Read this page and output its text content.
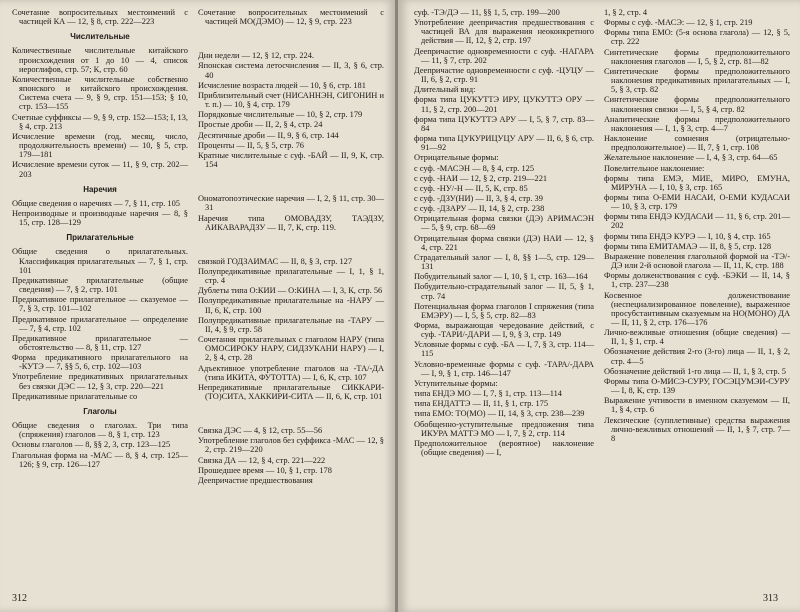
Сочетание вопросительных местоимений с частицей КА — 12, § 8, стр. 222—223
Числительные
Количественные числительные китайского происхождения от 1 до 10 — 4, список иероглифов, стр. 57; К, стр. 60
Количественные числительные собственно японского и китайского происхождения. Система счета — 9, § 9, стр. 151—153; § 10, стр. 153—155
Счетные суффиксы — 9, § 9, стр. 152—153; I, 13, § 4, стр. 213
Исчисление времени (год, месяц, число, продолжительность времени) — 10, § 5, стр. 179—181
Исчисление времени суток — 11, § 9, стр. 202—203
Наречия
Общие сведения о наречиях — 7, § 11, стр. 105
Непроизводные и производные наречия — 8, § 15, стр. 128—129
Прилагательные
Общие сведения о прилагательных. Классификация прилагательных — 7, § 1, стр. 101
Предикативные прилагательные (общие сведения) — 7, § 2, стр. 101
Предикативное прилагательное — сказуемое — 7, § 3, стр. 101—102
Предикативное прилагательное — определение — 7, § 4, стр. 102
Предикативное прилагательное — обстоятельство — 8, § 11, стр. 127
Форма предикативного прилагательного на -КУТЭ — 7, §§ 5, 6, стр. 102—103
Употребление предикативных прилагательных без связки ДЭС — 12, § 3, стр. 220—221
Предикативные прилагательные со
Глаголы
Общие сведения о глаголах. Три типа (спряжения) глаголов — 8, § 1, стр. 123
Основы глаголов — 8, §§ 2, 3, стр. 123—125
Глагольная форма на -МАС — 8, § 4, стр. 125—126; § 9, стр. 126—127
Сочетание вопросительных местоимений с частицей МО(ДЭМО) — 12, § 9, стр. 223
Дни недели — 12, § 12, стр. 224.
Японская система летосчисления — II, 3, § 6, стр. 40
Исчисление возраста людей — 10, § 6, стр. 181
Приблизительный счет (НИСАННЭН, СИГОНИН и т. п.) — 10, § 4, стр. 179
Порядковые числительные — 10, § 2, стр. 179
Простые дроби — II, 2, § 4, стр. 24
Десятичные дроби — II, 9, § 6, стр. 144
Проценты — II, 5, § 5, стр. 76
Кратные числительные с суф. -БАЙ — II, 9, К, стр. 154
Ономатопоэтические наречия — I, 2, § 11, стр. 30—31
Наречия типа ОМОВАДЗУ, ТАЭДЗУ, АИКАВАРАДЗУ — II, 7, К, стр. 119.
связкой ГОДЗАИМАС — II, 8, § 3, стр. 127
Полупредикативные прилагательные — I, 1, § 1, стр. 4
Дублеты типа О:КИИ — О:КИНА — I, 3, К, стр. 56
Полупредикативные прилагательные на -НАРУ — II, 6, К, стр. 100
Полупредикативные прилагательные на -ТАРУ — II, 4, § 9, стр. 58
Сочетания прилагательных с глаголом НАРУ (типа ОМОСИРОКУ НАРУ, СИДЗУКАНИ НАРУ) — I, 2, § 4, стр. 28
Адъективное употребление глаголов на -ТА/-ДА (типа ИКИТА, ФУТОТТА) — I, 6, К, стр. 107
Непредикативные прилагательные СИККАРИ-(ТО)СИТА, ХАККИРИ-СИТА — II, 6, К, стр. 101
Связка ДЭС — 4, § 12, стр. 55—56
Употребление глаголов без суффикса -МАС — 12, § 2, стр. 219—220
Связка ДА — 12, § 4, стр. 221—222
Прошедшее время — 10, § 1, стр. 178
Деепричастие предшествования
312
суф. -ТЭ/ДЭ — 11, §§ 1, 5, стр. 199—200
Употребление деепричастия предшествования с частицей ВА для выражения неоконкретного действия — II, 12, § 2, стр. 197
Деепричастие одновременности с суф. -НАГАРА — 11, § 7, стр. 202
Деепричастие одновременности с суф. -ЦУЦУ — II, 6, § 2, стр. 91
Длительный вид:
форма типа ЦУКУТТЭ ИРУ, ЦУКУТТЭ ОРУ — 11, § 2, стр. 200—201
форма типа ЦУКУТТЭ АРУ — I, 5, § 7, стр. 83—84
форма типа ЦУКУРИЦУЦУ АРУ — II, 6, § 6, стр. 91—92
Отрицательные формы:
с суф. -МАСЭН — 8, § 4, стр. 125
с суф. -НАИ — 12, § 2, стр. 219—221
с суф. -НУ/-Н — II, 5, К, стр. 85
с суф. -ДЗУ(НИ) — II, 3, § 4, стр. 39
с суф. -ДЗАРУ — II, 14, § 2, стр. 238
Отрицательная форма связки (ДЭ) АРИМАСЭН — 5, § 9, стр. 68—69
Отрицательная форма связки (ДЭ) НАИ — 12, § 4, стр. 221
Страдательный залог — I, 8, §§ 1—5, стр. 129—131
Побудительный залог — I, 10, § 1, стр. 163—164
Побудительно-страдательный залог — II, 5, § 1, стр. 74
Потенциальная форма глаголов I спряжения (типа ЕМЭРУ) — I, 5, § 5, стр. 82—83
Форма, выражающая чередование действий, с суф. -ТАРИ/-ДАРИ — I, 9, § 3, стр. 149
Условные формы с суф. -БА — I, 7, § 3, стр. 114—115
Условно-временные формы с суф. -ТАРА/-ДАРА — I, 9, § 1, стр. 146—147
Уступительные формы:
типа ЕНДЭ МО — I, 7, § 1, стр. 113—114
типа ЕНДАТТЭ — II, 11, § 1, стр. 175
типа ЕМО: ТО(МО) — II, 14, § 3, стр. 238—239
Обобщенно-уступительные предложения типа ИКУРА МАТТЭ МО — I, 7, § 2, стр. 114
Предположительное (вероятное) наклонение (общие сведения) — I,
1, § 2, стр. 4
Формы с суф. -МАСЭ: — 12, § 1, стр. 219
Формы типа ЕМО: (5-я основа глагола) — 12, § 5, стр. 222
Синтетические формы предположительного наклонения глаголов — I, 5, § 2, стр. 81—82
Синтетические формы предположительного наклонения предикативных прилагательных — I, 5, § 3, стр. 82
Синтетические формы предположительного наклонения связки — I, 5, § 4, стр. 82
Аналитические формы предположительного наклонения — I, 1, § 3, стр. 4—7
Наклонение сомнения (отрицательно-предположительное) — II, 7, § 1, стр. 108
Желательное наклонение — I, 4, § 3, стр. 64—65
Повелительное наклонение:
формы типа ЕМЭ, МИЕ, МИРО, ЕМУНА, МИРУНА — I, 10, § 3, стр. 165
формы типа О-ЕМИ НАСАИ, О-ЕМИ КУДАСАИ — 10, § 3, стр. 179
формы типа ЕНДЭ КУДАСАИ — 11, § 6, стр. 201—202
формы типа ЕНДЭ КУРЭ — I, 10, § 4, стр. 165
формы типа ЕМИТАМАЭ — II, 8, § 5, стр. 128
Выражение повеления глагольной формой на -ТЭ/-ДЭ или 2-й основой глагола — II, 11, К, стр. 188
Формы долженствования с суф. -БЭКИ — II, 14, § 1, стр. 237—238
Косвенное долженствование (неспециализированное повеление), выраженное просубстантивным сказуемым на НО(МОНО) ДА — II, 11, § 2, стр. 176—176
Лично-вежливые отношения (общие сведения) — II, 1, § 1, стр. 4
Обозначение действия 2-го (3-го) лица — II, 1, § 2, стр. 4—5
Обозначение действий 1-го лица — II, 1, § 3, стр. 5
Формы типа О-МИСЭ-СУРУ, ГОСЭЦУМЭИ-СУРУ — I, 8, К, стр. 139
Выражение учтивости в именном сказуемом — II, 1, § 4, стр. 6
Лексические (супплетивные) средства выражения лично-вежливых отношений — II, 1, § 7, стр. 7—8
313
